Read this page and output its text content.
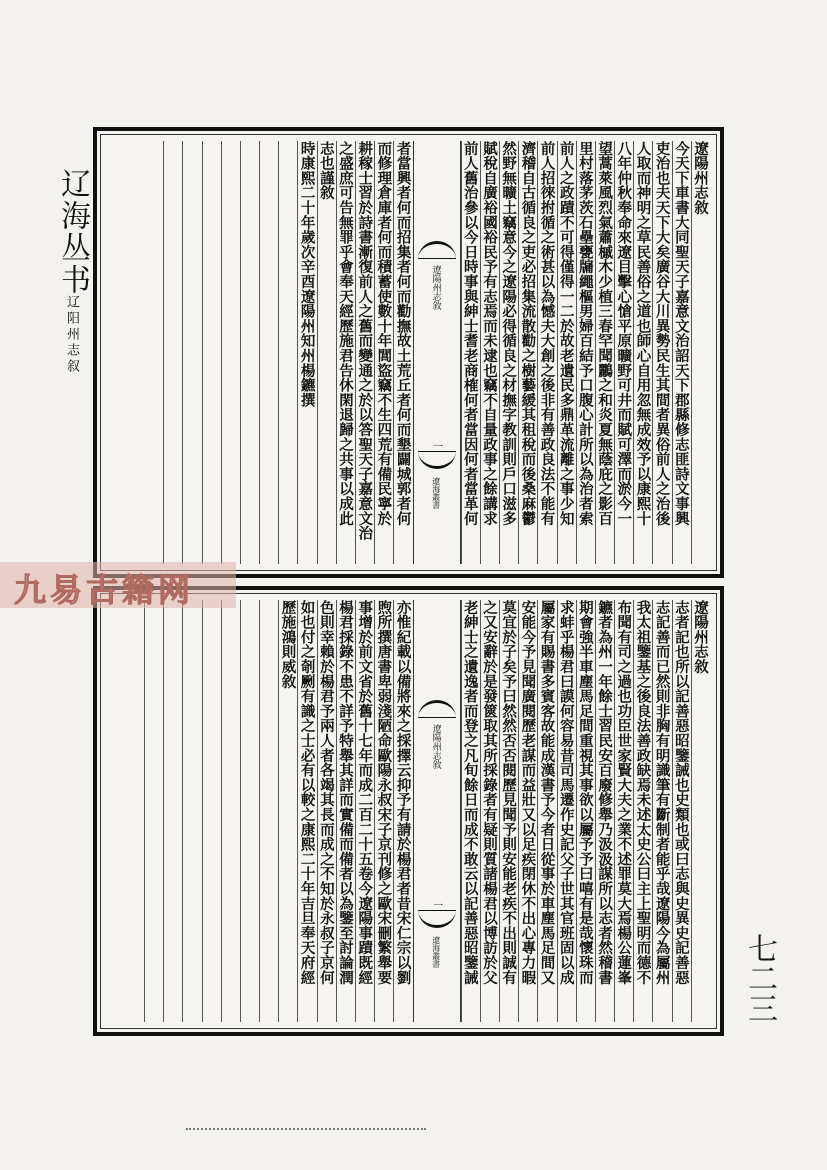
辽海丛书
辽阳州志叙
遼陽州志敘
今天下車書大同聖天子嘉意文治詔天下郡縣修志匪詩文事興
吏治也夫天下大矣廣谷大川異勢民生其間者異俗前人之治後
人取而神明之草民善俗之道也師心自用忽無成效予以康熙十
八年仲秋奉命來遼目擊心愴平原曠野可井而賦可澤而淤今一
望蒿萊風烈氣蕭槭木少植三春罕聞鸝之和炎夏無蔭庇之影百
里村落茅茨石壘甕牖繩樞男婦百結予口腹心計所以為治者索
前人之政蹟不可得僅得一二於故老遺民多鼎革流離之事少知
前人招徠拊循之術甚以為憾夫大創之後非有善政良法不能有
濟稽自古循良之吏必招集流散勸之樹藝緩其租稅而後桑麻鬱
然野無曠土竊意今之遼陽必得循良之材撫字教訓則戶口滋多
賦稅自廣裕國裕民予有志焉而未逮也竊不自量政事之餘講求
前人舊治參以今日時事與紳士耆老商榷何者當因何者當革何
遼陽州志敘
一
遼海叢書
者當興者何而招集者何而勸撫故土荒丘者何而墾闢城郭者何
而修理倉庫者何而積蓄使數十年閭盜竊不生四荒有備民寧於
耕稼士習於詩書漸復前人之舊而變通之於以答聖天子嘉意文治
之盛庶可告無罪乎會奉天經歷施君告休閑退歸之共事以成此
志也謹敘
時康熙二十年歲次辛酉遼陽州知州楊鑣撰
遼陽州志敘
志者記也所以記善惡昭鑒誡也史類也或曰志與史異史記善惡
志記善而已然則非胸有明識筆有斷制者能乎哉遼陽今為屬州
我太祖鑒基之後良法善政缺焉未述太史公曰主上聖明而德不
布聞有司之過也功臣世家賢大夫之業不述罪莫大焉楊公蓮峯
鑣者為州一年餘士習民安百廢修舉乃汲汲謀所以志者然稽書
期會強半車塵馬足間重視其事欲以屬予予曰嘻有是哉懷珠而
求蚌乎楊君曰謨何容易昔司馬遷作史記父子世其官班固以成
屬家有賜書多賓客故能成漢書予今者日從事於車塵馬足間又
安能今予見聞廣閱歷老謀而益壯又以足疾閉休不出心專力暇
莫宜於子矣予曰然然否否閱歷見聞予則安能老疾不出則誠有
之又安辭於是發篋取其所採錄者有疑則質諸楊君以博訪於父
老紳士之遺逸者而登之凡旬餘日而成不敢云以記善惡昭鑒誡
遼陽州志敘
一
遼海叢書
亦惟紀載以備將來之採擇云抑予有請於楊君者昔宋仁宗以劉
煦所撰唐書卑弱淺陋命歐陽永叔宋子京刊修之歐宋刪繁舉要
事增於前文省於舊十七年而成二百二十五卷今遼陽事蹟既經
楊君採錄不患不詳予特舉其詳而實備而備者以為鑒至討論潤
色則幸賴於楊君予兩人者各竭其長而成之不知於永叔子京何
如也付之剞劂有識之士必有以較之康熙二十年吉旦奉天府經
歷施鴻則威敘
九易古籍网
七二三
